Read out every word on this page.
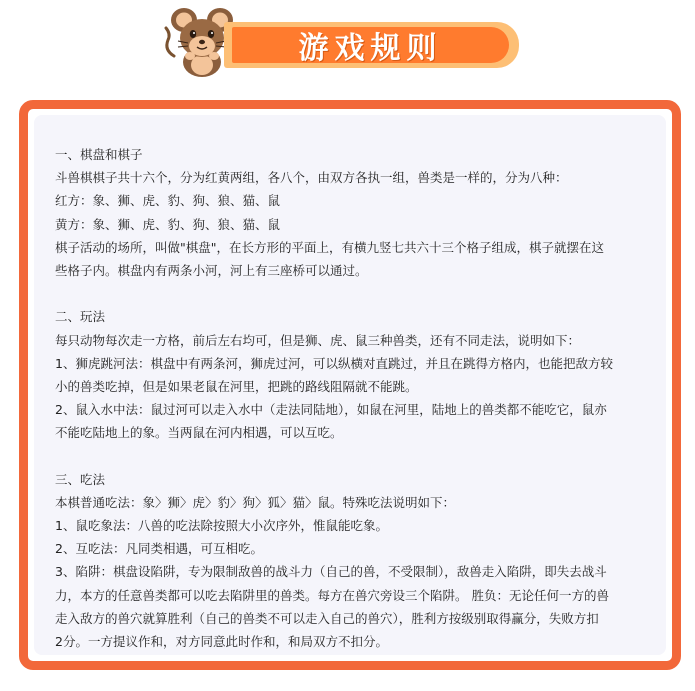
游戏规则
一、棋盘和棋子
斗兽棋棋子共十六个，分为红黄两组，各八个，由双方各执一组，兽类是一样的，分为八种：
红方：象、狮、虎、豹、狗、狼、猫、鼠
黄方：象、狮、虎、豹、狗、狼、猫、鼠
棋子活动的场所，叫做"棋盘"，在长方形的平面上，有横九竖七共六十三个格子组成，棋子就摆在这
些格子内。棋盘内有两条小河，河上有三座桥可以通过。
二、玩法
每只动物每次走一方格，前后左右均可，但是狮、虎、鼠三种兽类，还有不同走法，说明如下：
1、狮虎跳河法：棋盘中有两条河，狮虎过河，可以纵横对直跳过，并且在跳得方格内，也能把敌方较
小的兽类吃掉，但是如果老鼠在河里，把跳的路线阻隔就不能跳。
2、鼠入水中法：鼠过河可以走入水中（走法同陆地），如鼠在河里，陆地上的兽类都不能吃它，鼠亦
不能吃陆地上的象。当两鼠在河内相遇，可以互吃。
三、吃法
本棋普通吃法：象〉狮〉虎〉豹〉狗〉狐〉猫〉鼠。特殊吃法说明如下：
1、鼠吃象法：八兽的吃法除按照大小次序外，惟鼠能吃象。
2、互吃法：凡同类相遇，可互相吃。
3、陷阱：棋盘设陷阱，专为限制敌兽的战斗力（自己的兽，不受限制），敌兽走入陷阱，即失去战斗
力，本方的任意兽类都可以吃去陷阱里的兽类。每方在兽穴旁设三个陷阱。 胜负：无论任何一方的兽
走入敌方的兽穴就算胜利（自己的兽类不可以走入自己的兽穴），胜利方按级别取得赢分，失败方扣
2分。一方提议作和，对方同意此时作和，和局双方不扣分。
